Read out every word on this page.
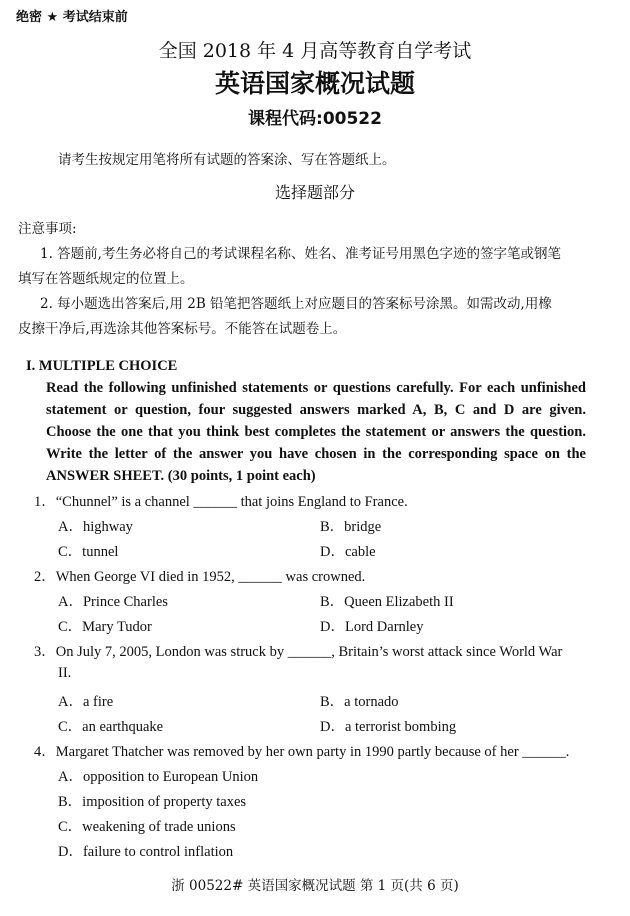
绝密 ★ 考试结束前
全国 2018 年 4 月高等教育自学考试
英语国家概况试题
课程代码:00522
请考生按规定用笔将所有试题的答案涂、写在答题纸上。
选择题部分
注意事项:
1. 答题前,考生务必将自己的考试课程名称、姓名、准考证号用黑色字迹的签字笔或钢笔
填写在答题纸规定的位置上。
2. 每小题选出答案后,用 2B 铅笔把答题纸上对应题目的答案标号涂黑。如需改动,用橡
皮擦干净后,再选涂其他答案标号。不能答在试题卷上。
I. MULTIPLE CHOICE
Read the following unfinished statements or questions carefully. For each unfinished
statement or question, four suggested answers marked A, B, C and D are given.
Choose the one that you think best completes the statement or answers the question.
Write the letter of the answer you have chosen in the corresponding space on the
ANSWER SHEET. (30 points, 1 point each)
1．“Chunnel” is a channel ______ that joins England to France.
A．highway	B．bridge
C．tunnel	D．cable
2．When George VI died in 1952, ______ was crowned.
A．Prince Charles	B．Queen Elizabeth II
C．Mary Tudor	D．Lord Darnley
3．On July 7, 2005, London was struck by ______, Britain’s worst attack since World War
II.
A．a fire	B．a tornado
C．an earthquake	D．a terrorist bombing
4．Margaret Thatcher was removed by her own party in 1990 partly because of her ______.
A．opposition to European Union
B．imposition of property taxes
C．weakening of trade unions
D．failure to control inflation
浙 00522# 英语国家概况试题 第 1 页(共 6 页)
